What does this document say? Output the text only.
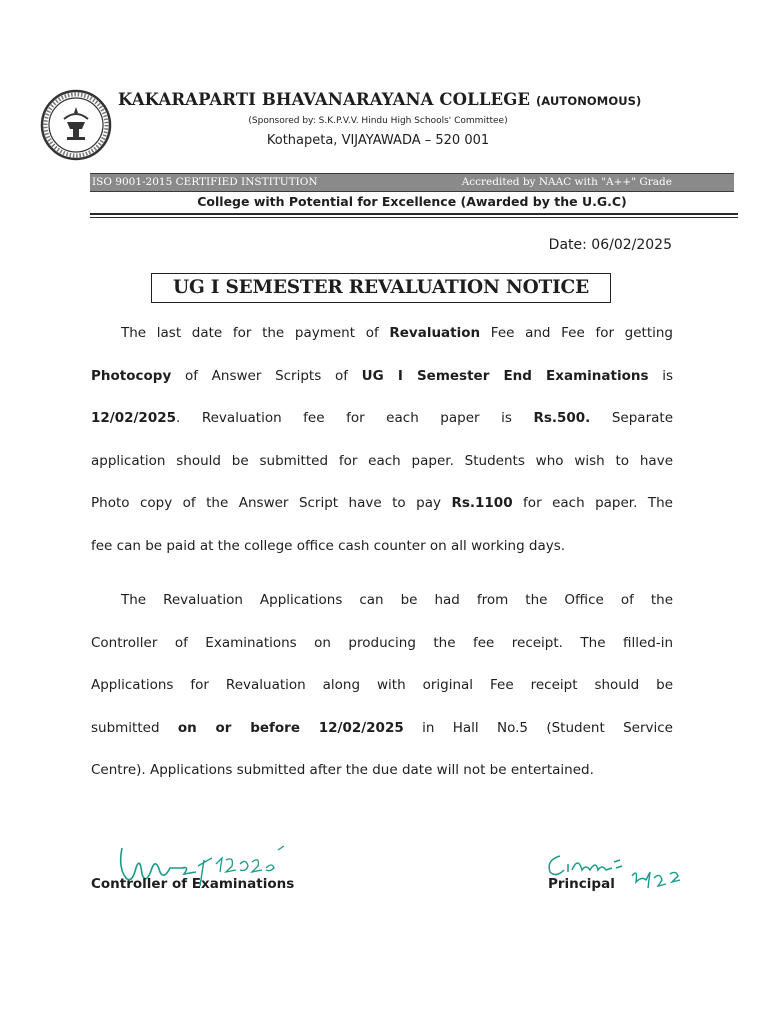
KAKARAPARTI BHAVANARAYANA COLLEGE (AUTONOMOUS)
(Sponsored by: S.K.P.V.V. Hindu High Schools' Committee)
Kothapeta, VIJAYAWADA – 520 001
ISO 9001-2015 CERTIFIED INSTITUTION	Accredited by NAAC with "A++" Grade
College with Potential for Excellence (Awarded by the U.G.C)
Date: 06/02/2025
UG I SEMESTER REVALUATION NOTICE
The last date for the payment of Revaluation Fee and Fee for getting
Photocopy of Answer Scripts of UG I Semester End Examinations is
12/02/2025. Revaluation fee for each paper is Rs.500. Separate
application should be submitted for each paper. Students who wish to have
Photo copy of the Answer Script have to pay Rs.1100 for each paper. The
fee can be paid at the college office cash counter on all working days.
The Revaluation Applications can be had from the Office of the
Controller of Examinations on producing the fee receipt. The filled-in
Applications for Revaluation along with original Fee receipt should be
submitted on or before 12/02/2025 in Hall No.5 (Student Service
Centre). Applications submitted after the due date will not be entertained.
Controller of Examinations	Principal
